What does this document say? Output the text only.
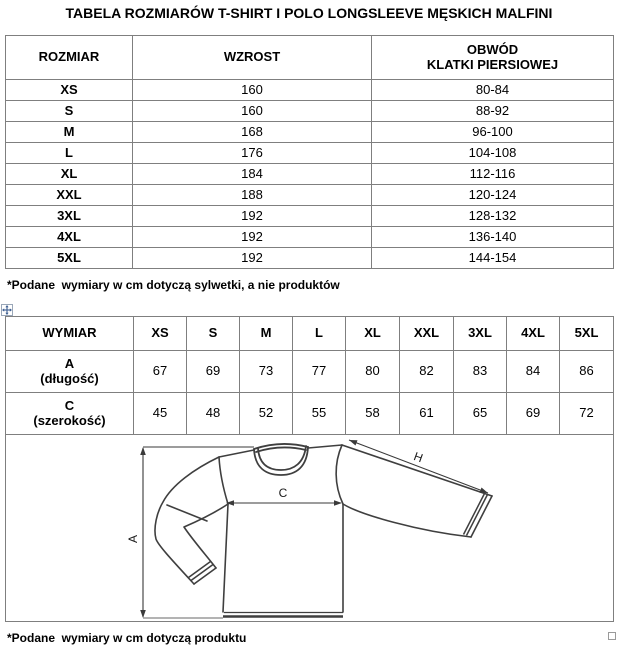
TABELA ROZMIARÓW T-SHIRT I POLO LONGSLEEVE MĘSKICH MALFINI
ROZMIAR	WZROST	OBWÓD
KLATKI PIERSIOWEJ

XS	160	80-84
S	160	88-92
M	168	96-100
L	176	104-108
XL	184	112-116
XXL	188	120-124
3XL	192	128-132
4XL	192	136-140
5XL	192	144-154
*Podane  wymiary w cm dotyczą sylwetki, a nie produktów
WYMIAR	XS	S	M	L	XL	XXL	3XL	4XL	5XL

A
(długość)	67	69	73	77	80	82	83	84	86

C
(szerokość)	45	48	52	55	58	61	65	69	72

A
C
H									
*Podane  wymiary w cm dotyczą produktu
